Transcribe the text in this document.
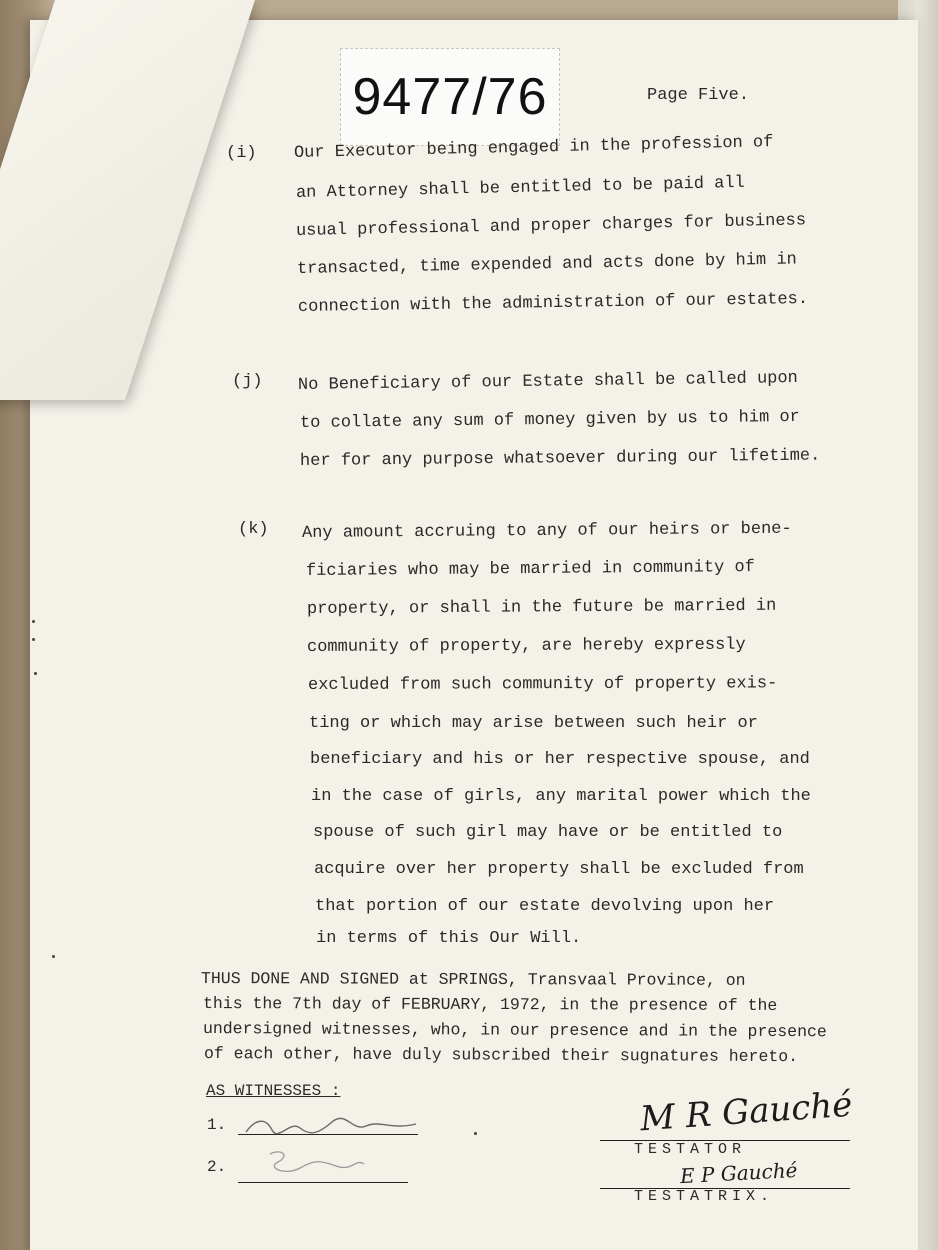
9477/76	Page Five.
(i) Our Executor being engaged in the profession of
an Attorney shall be entitled to be paid all
usual professional and proper charges for business
transacted, time expended and acts done by him in
connection with the administration of our estates.
(j) No Beneficiary of our Estate shall be called upon
to collate any sum of money given by us to him or
her for any purpose whatsoever during our lifetime.
(k) Any amount accruing to any of our heirs or bene-
ficiaries who may be married in community of
property, or shall in the future be married in
community of property, are hereby expressly
excluded from such community of property exis-
ting or which may arise between such heir or
beneficiary and his or her respective spouse, and
in the case of girls, any marital power which the
spouse of such girl may have or be entitled to
acquire over her property shall be excluded from
that portion of our estate devolving upon her
in terms of this Our Will.
THUS DONE AND SIGNED at SPRINGS, Transvaal Province, on
this the 7th day of FEBRUARY, 1972, in the presence of the
undersigned witnesses, who, in our presence and in the presence
of each other, have duly subscribed their sugnatures hereto.
AS WITNESSES :
1.
2.
M R Gauché
TESTATOR
E P Gauché
TESTATRIX.
